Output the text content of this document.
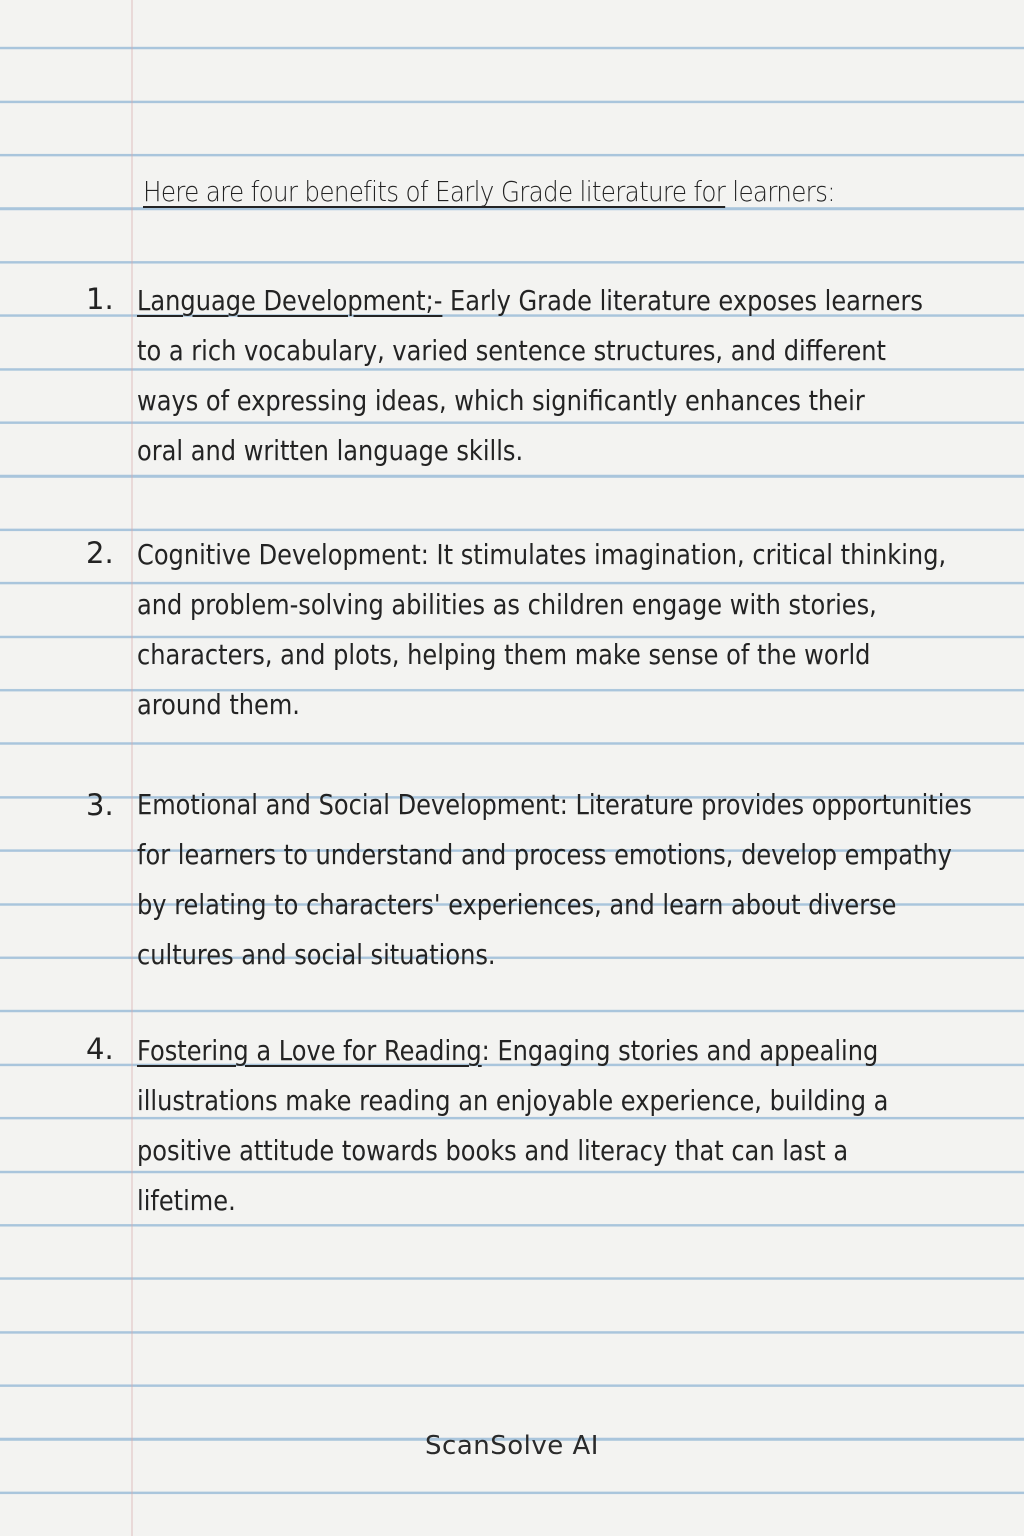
Here are four benefits of Early Grade literature for learners:
1. Language Development;- Early Grade literature exposes learners
to a rich vocabulary, varied sentence structures, and different
ways of expressing ideas, which significantly enhances their
oral and written language skills.
2. Cognitive Development: It stimulates imagination, critical thinking,
and problem-solving abilities as children engage with stories,
characters, and plots, helping them make sense of the world
around them.
3. Emotional and Social Development: Literature provides opportunities
for learners to understand and process emotions, develop empathy
by relating to characters' experiences, and learn about diverse
cultures and social situations.
4. Fostering a Love for Reading: Engaging stories and appealing
illustrations make reading an enjoyable experience, building a
positive attitude towards books and literacy that can last a
lifetime.
ScanSolve AI
